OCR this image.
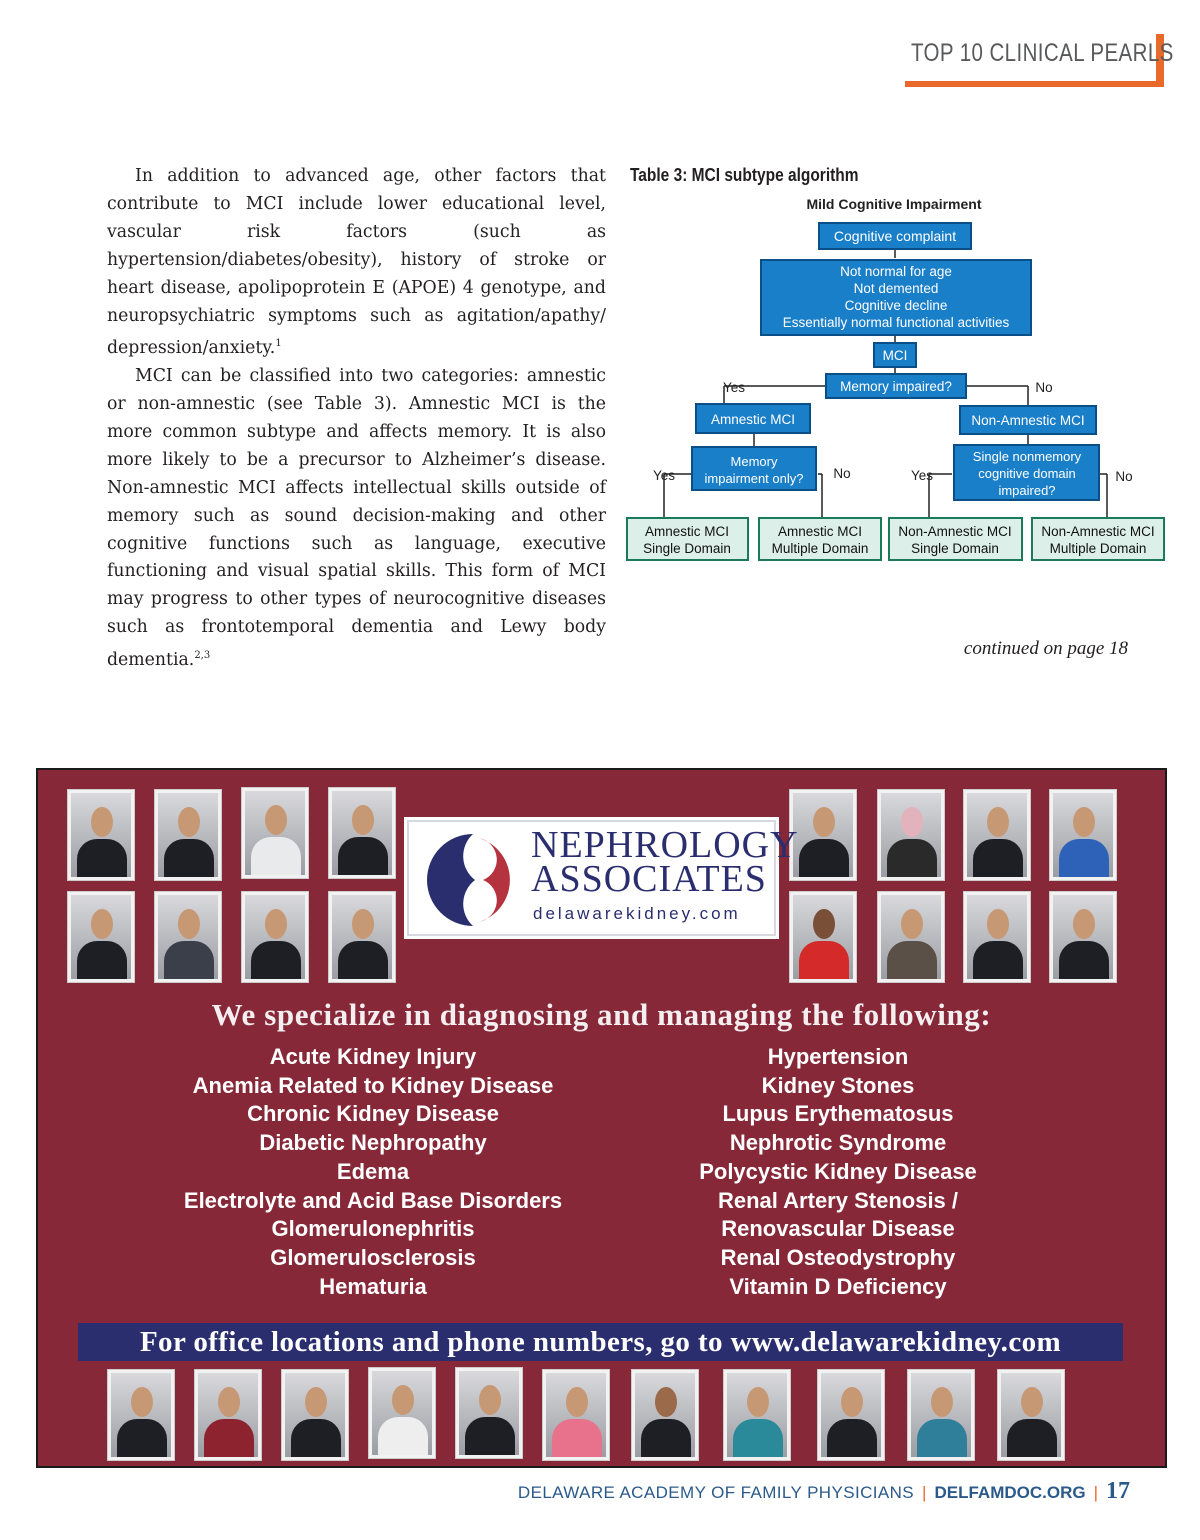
TOP 10 CLINICAL PEARLS

In addition to advanced age, other factors that contribute to MCI include lower educational level, vascular risk factors (such as hypertension/diabetes/obesity), history of stroke or heart disease, apolipoprotein E (APOE) 4 genotype, and neuropsychiatric symptoms such as agitation/apathy/ depression/anxiety.$^1$

MCI can be classified into two categories: amnestic or non-amnestic (see Table 3). Amnestic MCI is the more common subtype and affects memory. It is also more likely to be a precursor to Alzheimer’s disease. Non-amnestic MCI affects intellectual skills outside of memory such as sound decision-making and other cognitive functions such as language, executive functioning and visual spatial skills. This form of MCI may progress to other types of neurocognitive diseases such as frontotemporal dementia and Lewy body dementia.$^{2,3}$

Table 3: MCI subtype algorithm
Mild Cognitive Impairment
Cognitive complaint
Not normal for age
Not demented
Cognitive decline
Essentially normal functional activities
MCI
Memory impaired?
Yes	No
Amnestic MCI	Non-Amnestic MCI
Memory
impairment only?
Single nonmemory
cognitive domain
impaired?
Yes	No	Yes	No
Amnestic MCI
Single Domain
Amnestic MCI
Multiple Domain
Non-Amnestic MCI
Single Domain
Non-Amnestic MCI
Multiple Domain
continued on page 18
NEPHROLOGY
ASSOCIATES
delawarekidney.com
We specialize in diagnosing and managing the following:
Acute Kidney Injury
Anemia Related to Kidney Disease
Chronic Kidney Disease
Diabetic Nephropathy
Edema
Electrolyte and Acid Base Disorders
Glomerulonephritis
Glomerulosclerosis
Hematuria
Hypertension
Kidney Stones
Lupus Erythematosus
Nephrotic Syndrome
Polycystic Kidney Disease
Renal Artery Stenosis /
Renovascular Disease
Renal Osteodystrophy
Vitamin D Deficiency
For office locations and phone numbers, go to www.delawarekidney.com
DELAWARE ACADEMY OF FAMILY PHYSICIANS | DELFAMDOC.ORG | 17
